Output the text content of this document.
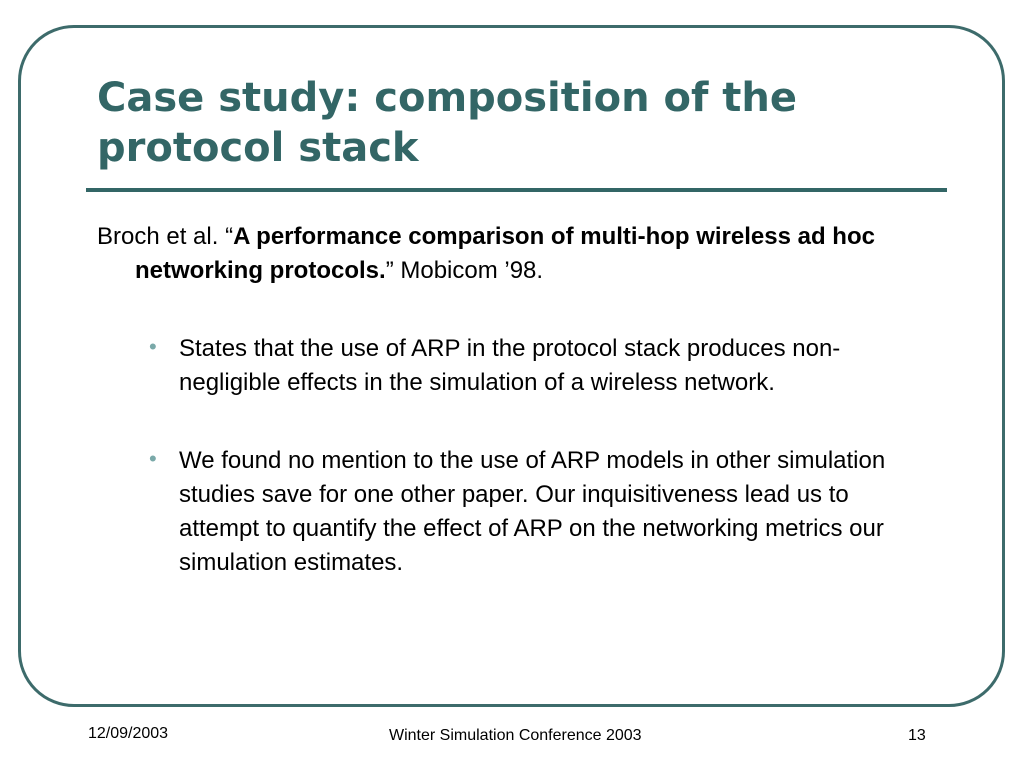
Case study: composition of the protocol stack
Broch et al. “A performance comparison of multi-hop wireless ad hoc networking protocols.” Mobicom ’98.
• States that the use of ARP in the protocol stack produces non-negligible effects in the simulation of a wireless network.
• We found no mention to the use of ARP models in other simulation studies save for one other paper. Our inquisitiveness lead us to attempt to quantify the effect of ARP on the networking metrics our simulation estimates.
12/09/2003	Winter Simulation Conference 2003	13
